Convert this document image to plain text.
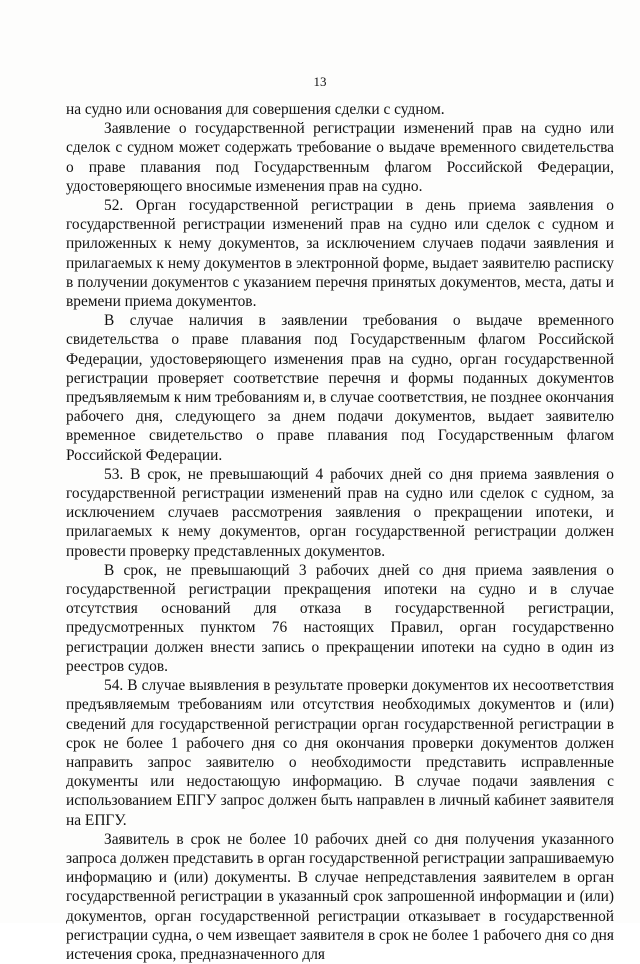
13

на судно или основания для совершения сделки с судном.

Заявление о государственной регистрации изменений прав на судно или сделок с судном может содержать требование о выдаче временного свидетельства о праве плавания под Государственным флагом Российской Федерации, удостоверяющего вносимые изменения прав на судно.

52. Орган государственной регистрации в день приема заявления о государственной регистрации изменений прав на судно или сделок с судном и приложенных к нему документов, за исключением случаев подачи заявления и прилагаемых к нему документов в электронной форме, выдает заявителю расписку в получении документов с указанием перечня принятых документов, места, даты и времени приема документов.

В случае наличия в заявлении требования о выдаче временного свидетельства о праве плавания под Государственным флагом Российской Федерации, удостоверяющего изменения прав на судно, орган государственной регистрации проверяет соответствие перечня и формы поданных документов предъявляемым к ним требованиям и, в случае соответствия, не позднее окончания рабочего дня, следующего за днем подачи документов, выдает заявителю временное свидетельство о праве плавания под Государственным флагом Российской Федерации.

53. В срок, не превышающий 4 рабочих дней со дня приема заявления о государственной регистрации изменений прав на судно или сделок с судном, за исключением случаев рассмотрения заявления о прекращении ипотеки, и прилагаемых к нему документов, орган государственной регистрации должен провести проверку представленных документов.

В срок, не превышающий 3 рабочих дней со дня приема заявления о государственной регистрации прекращения ипотеки на судно и в случае отсутствия оснований для отказа в государственной регистрации, предусмотренных пунктом 76 настоящих Правил, орган государственно регистрации должен внести запись о прекращении ипотеки на судно в один из реестров судов.

54. В случае выявления в результате проверки документов их несоответствия предъявляемым требованиям или отсутствия необходимых документов и (или) сведений для государственной регистрации орган государственной регистрации в срок не более 1 рабочего дня со дня окончания проверки документов должен направить запрос заявителю о необходимости представить исправленные документы или недостающую информацию. В случае подачи заявления с использованием ЕПГУ запрос должен быть направлен в личный кабинет заявителя на ЕПГУ.

Заявитель в срок не более 10 рабочих дней со дня получения указанного запроса должен представить в орган государственной регистрации запрашиваемую информацию и (или) документы. В случае непредставления заявителем в орган государственной регистрации в указанный срок запрошенной информации и (или) документов, орган государственной регистрации отказывает в государственной регистрации судна, о чем извещает заявителя в срок не более 1 рабочего дня со дня истечения срока, предназначенного для
